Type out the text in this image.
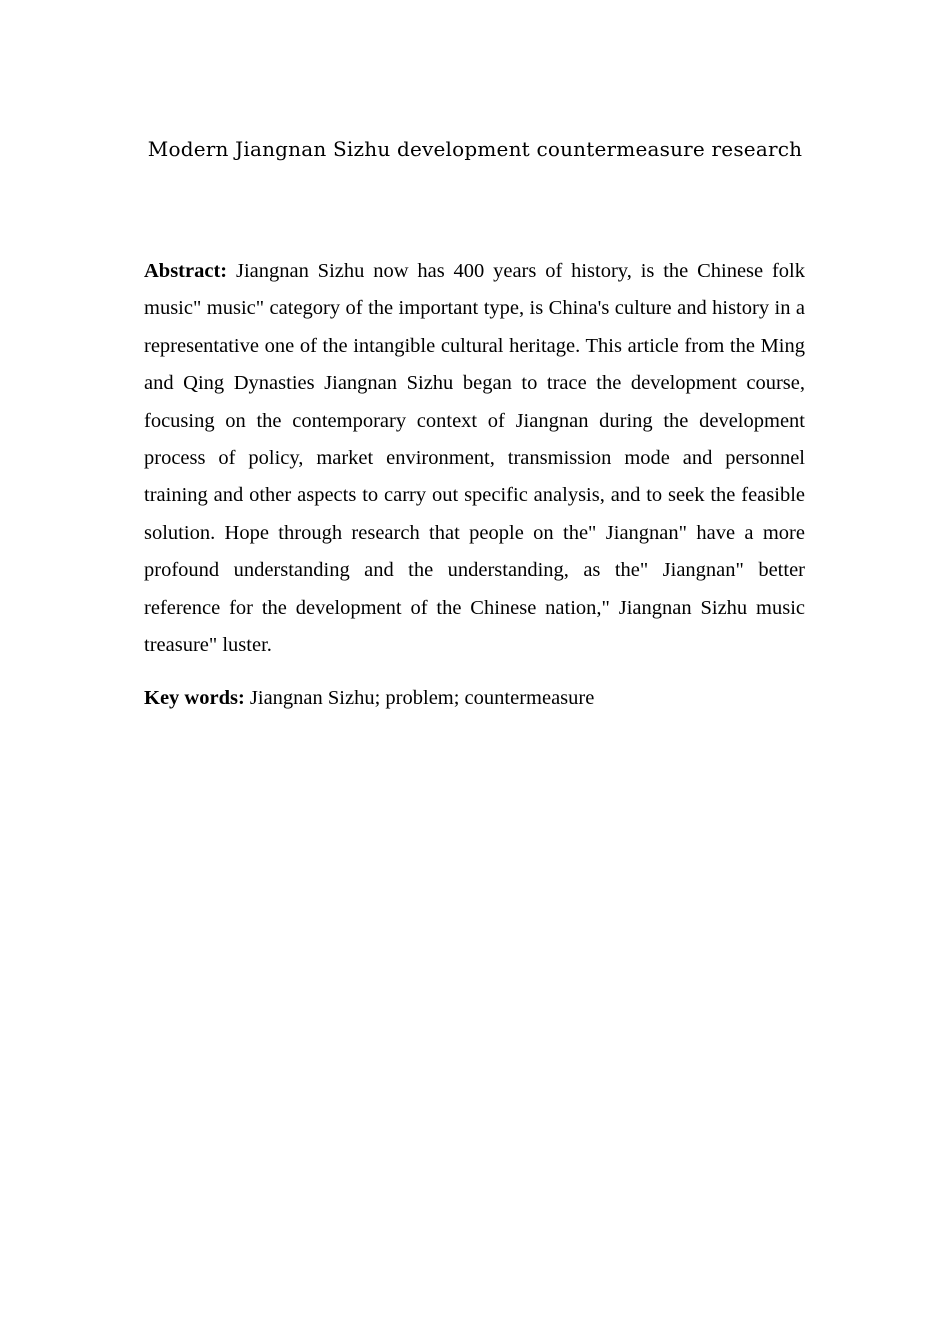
Modern Jiangnan Sizhu development countermeasure research

Abstract: Jiangnan Sizhu now has 400 years of history, is the Chinese folk music" music" category of the important type, is China's culture and history in a representative one of the intangible cultural heritage. This article from the Ming and Qing Dynasties Jiangnan Sizhu began to trace the development course, focusing on the contemporary context of Jiangnan during the development process of policy, market environment, transmission mode and personnel training and other aspects to carry out specific analysis, and to seek the feasible solution. Hope through research that people on the" Jiangnan" have a more profound understanding and the understanding, as the" Jiangnan" better reference for the development of the Chinese nation," Jiangnan Sizhu music treasure" luster.

Key words: Jiangnan Sizhu; problem; countermeasure
